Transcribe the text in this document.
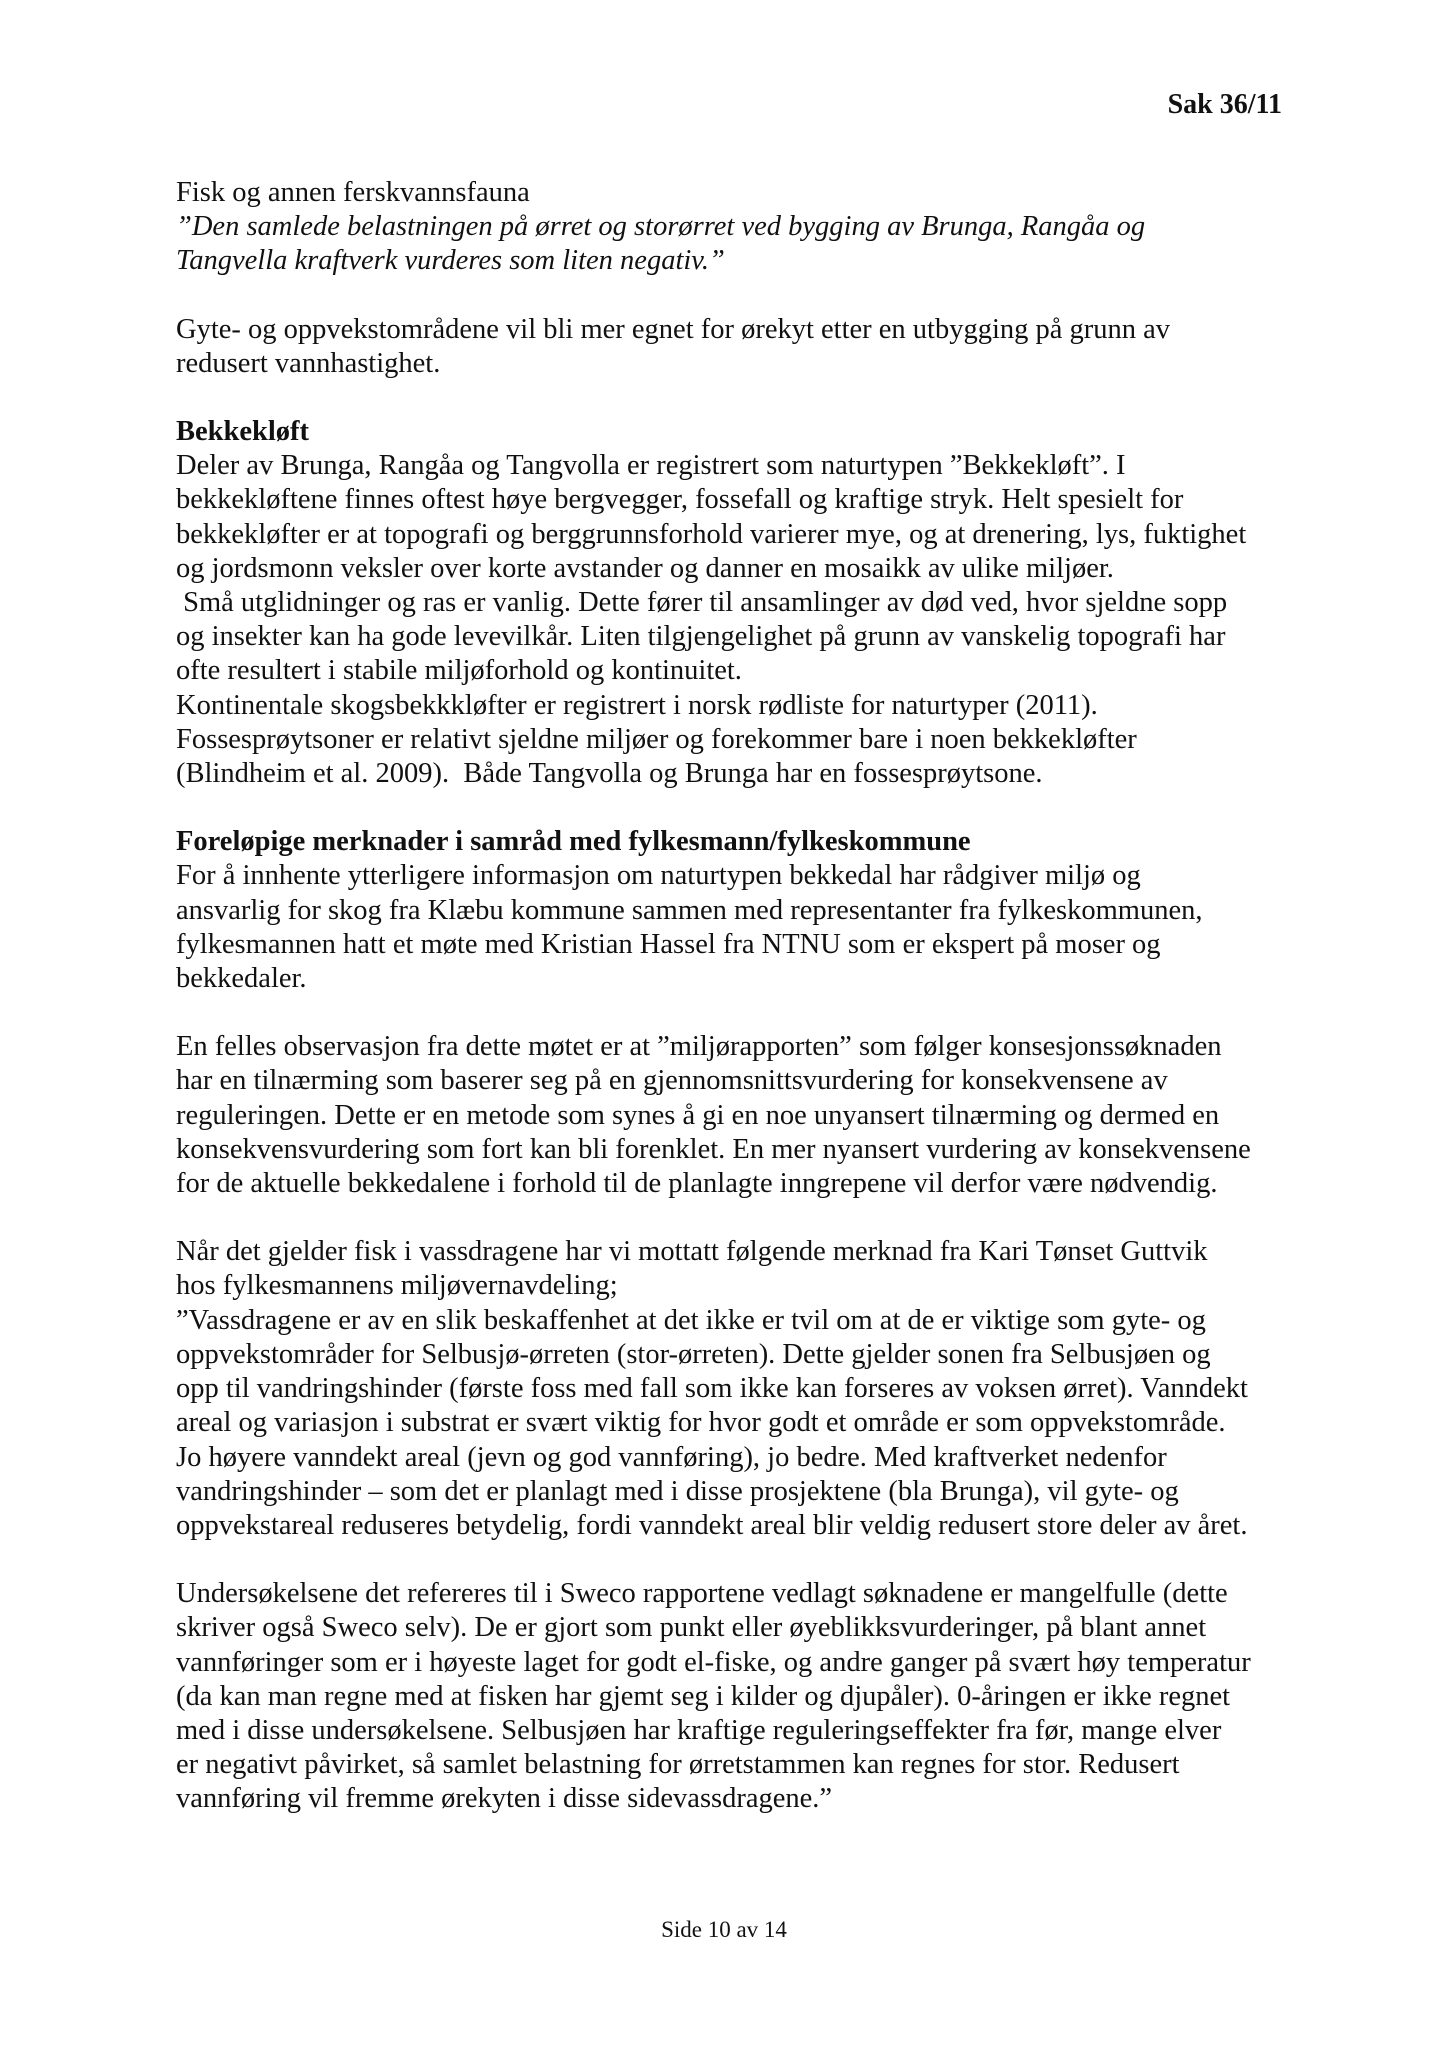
Sak 36/11
Fisk og annen ferskvannsfauna
”Den samlede belastningen på ørret og storørret ved bygging av Brunga, Rangåa og
Tangvella kraftverk vurderes som liten negativ.”
Gyte- og oppvekstområdene vil bli mer egnet for ørekyt etter en utbygging på grunn av
redusert vannhastighet.
Bekkekløft
Deler av Brunga, Rangåa og Tangvolla er registrert som naturtypen ”Bekkekløft”. I
bekkekløftene finnes oftest høye bergvegger, fossefall og kraftige stryk. Helt spesielt for
bekkekløfter er at topografi og berggrunnsforhold varierer mye, og at drenering, lys, fuktighet
og jordsmonn veksler over korte avstander og danner en mosaikk av ulike miljøer.
Små utglidninger og ras er vanlig. Dette fører til ansamlinger av død ved, hvor sjeldne sopp
og insekter kan ha gode levevilkår. Liten tilgjengelighet på grunn av vanskelig topografi har
ofte resultert i stabile miljøforhold og kontinuitet.
Kontinentale skogsbekkkløfter er registrert i norsk rødliste for naturtyper (2011).
Fossesprøytsoner er relativt sjeldne miljøer og forekommer bare i noen bekkekløfter
(Blindheim et al. 2009).  Både Tangvolla og Brunga har en fossesprøytsone.
Foreløpige merknader i samråd med fylkesmann/fylkeskommune
For å innhente ytterligere informasjon om naturtypen bekkedal har rådgiver miljø og
ansvarlig for skog fra Klæbu kommune sammen med representanter fra fylkeskommunen,
fylkesmannen hatt et møte med Kristian Hassel fra NTNU som er ekspert på moser og
bekkedaler.
En felles observasjon fra dette møtet er at ”miljørapporten” som følger konsesjonssøknaden
har en tilnærming som baserer seg på en gjennomsnittsvurdering for konsekvensene av
reguleringen. Dette er en metode som synes å gi en noe unyansert tilnærming og dermed en
konsekvensvurdering som fort kan bli forenklet. En mer nyansert vurdering av konsekvensene
for de aktuelle bekkedalene i forhold til de planlagte inngrepene vil derfor være nødvendig.
Når det gjelder fisk i vassdragene har vi mottatt følgende merknad fra Kari Tønset Guttvik
hos fylkesmannens miljøvernavdeling;
”Vassdragene er av en slik beskaffenhet at det ikke er tvil om at de er viktige som gyte- og
oppvekstområder for Selbusjø-ørreten (stor-ørreten). Dette gjelder sonen fra Selbusjøen og
opp til vandringshinder (første foss med fall som ikke kan forseres av voksen ørret). Vanndekt
areal og variasjon i substrat er svært viktig for hvor godt et område er som oppvekstområde.
Jo høyere vanndekt areal (jevn og god vannføring), jo bedre. Med kraftverket nedenfor
vandringshinder – som det er planlagt med i disse prosjektene (bla Brunga), vil gyte- og
oppvekstareal reduseres betydelig, fordi vanndekt areal blir veldig redusert store deler av året.
Undersøkelsene det refereres til i Sweco rapportene vedlagt søknadene er mangelfulle (dette
skriver også Sweco selv). De er gjort som punkt eller øyeblikksvurderinger, på blant annet
vannføringer som er i høyeste laget for godt el-fiske, og andre ganger på svært høy temperatur
(da kan man regne med at fisken har gjemt seg i kilder og djupåler). 0-åringen er ikke regnet
med i disse undersøkelsene. Selbusjøen har kraftige reguleringseffekter fra før, mange elver
er negativt påvirket, så samlet belastning for ørretstammen kan regnes for stor. Redusert
vannføring vil fremme ørekyten i disse sidevassdragene.”
Side 10 av 14
